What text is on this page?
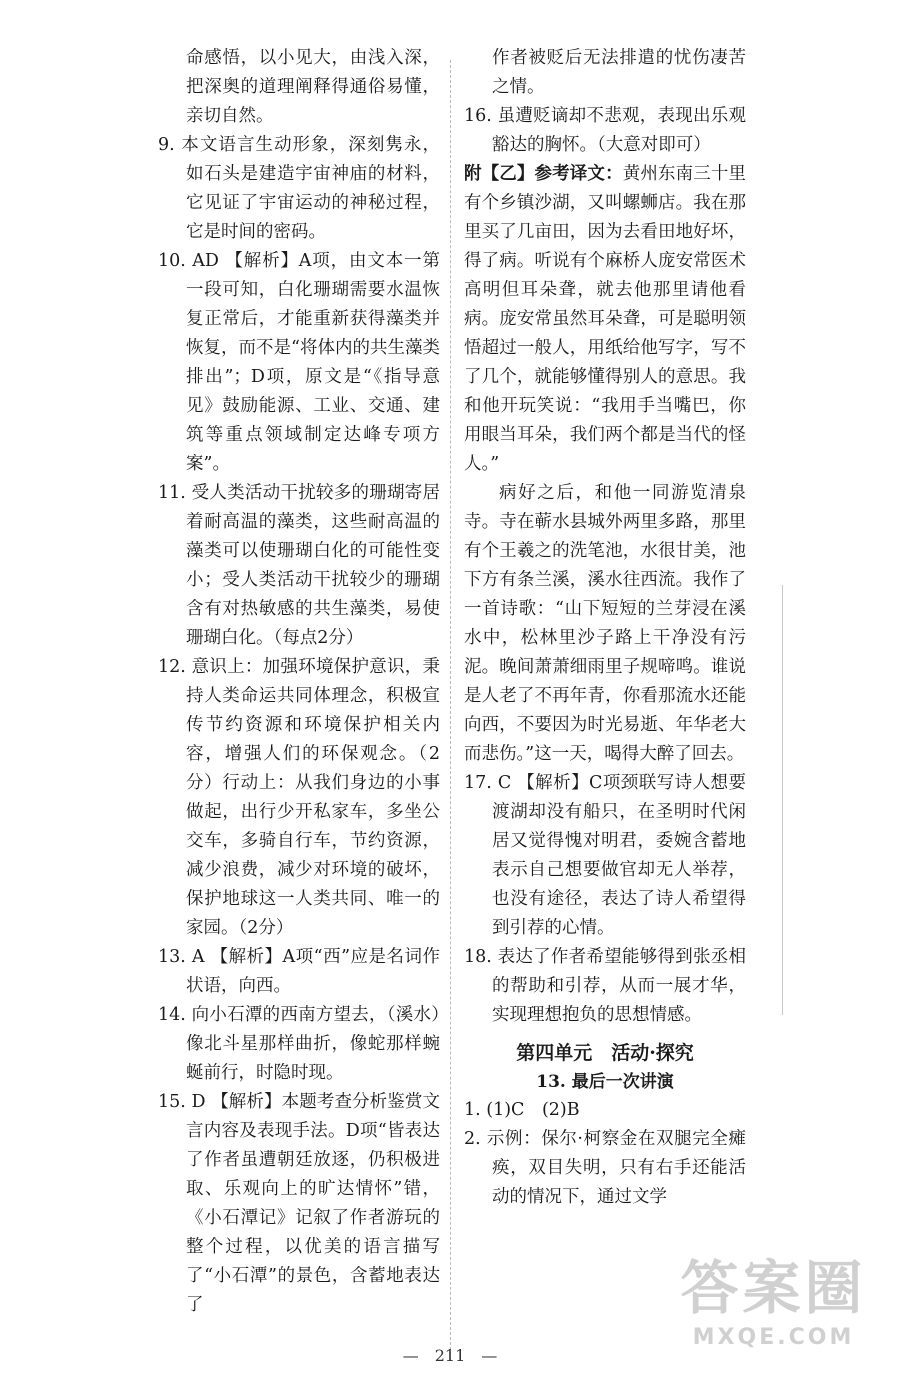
命感悟，以小见大，由浅入深，把深奥的道理阐释得通俗易懂，亲切自然。

9. 本文语言生动形象，深刻隽永，如石头是建造宇宙神庙的材料，它见证了宇宙运动的神秘过程，它是时间的密码。

10. AD 【解析】A项，由文本一第一段可知，白化珊瑚需要水温恢复正常后，才能重新获得藻类并恢复，而不是“将体内的共生藻类排出”；D项，原文是“《指导意见》鼓励能源、工业、交通、建筑等重点领域制定达峰专项方案”。

11. 受人类活动干扰较多的珊瑚寄居着耐高温的藻类，这些耐高温的藻类可以使珊瑚白化的可能性变小；受人类活动干扰较少的珊瑚含有对热敏感的共生藻类，易使珊瑚白化。（每点2分）

12. 意识上：加强环境保护意识，秉持人类命运共同体理念，积极宣传节约资源和环境保护相关内容，增强人们的环保观念。（2分）行动上：从我们身边的小事做起，出行少开私家车，多坐公交车，多骑自行车，节约资源，减少浪费，减少对环境的破坏，保护地球这一人类共同、唯一的家园。（2分）

13. A 【解析】A项“西”应是名词作状语，向西。

14. 向小石潭的西南方望去，（溪水）像北斗星那样曲折，像蛇那样蜿蜒前行，时隐时现。

15. D 【解析】本题考查分析鉴赏文言内容及表现手法。D项“皆表达了作者虽遭朝廷放逐，仍积极进取、乐观向上的旷达情怀”错，《小石潭记》记叙了作者游玩的整个过程，以优美的语言描写了“小石潭”的景色，含蓄地表达了

作者被贬后无法排遣的忧伤凄苦之情。

16. 虽遭贬谪却不悲观，表现出乐观豁达的胸怀。（大意对即可）

附【乙】参考译文：黄州东南三十里有个乡镇沙湖，又叫螺蛳店。我在那里买了几亩田，因为去看田地好坏，得了病。听说有个麻桥人庞安常医术高明但耳朵聋，就去他那里请他看病。庞安常虽然耳朵聋，可是聪明领悟超过一般人，用纸给他写字，写不了几个，就能够懂得别人的意思。我和他开玩笑说：“我用手当嘴巴，你用眼当耳朵，我们两个都是当代的怪人。”

病好之后，和他一同游览清泉寺。寺在蕲水县城外两里多路，那里有个王羲之的洗笔池，水很甘美，池下方有条兰溪，溪水往西流。我作了一首诗歌：“山下短短的兰芽浸在溪水中，松林里沙子路上干净没有污泥。晚间萧萧细雨里子规啼鸣。谁说是人老了不再年青，你看那流水还能向西，不要因为时光易逝、年华老大而悲伤。”这一天，喝得大醉了回去。

17. C 【解析】C项颈联写诗人想要渡湖却没有船只，在圣明时代闲居又觉得愧对明君，委婉含蓄地表示自己想要做官却无人举荐，也没有途径，表达了诗人希望得到引荐的心情。

18. 表达了作者希望能够得到张丞相的帮助和引荐，从而一展才华，实现理想抱负的思想情感。

第四单元　活动·探究
13. 最后一次讲演

1. (1)C　(2)B

2. 示例：保尔·柯察金在双腿完全瘫痪，双目失明，只有右手还能活动的情况下，通过文学

—　211　—
答案圈
MXQE.COM
